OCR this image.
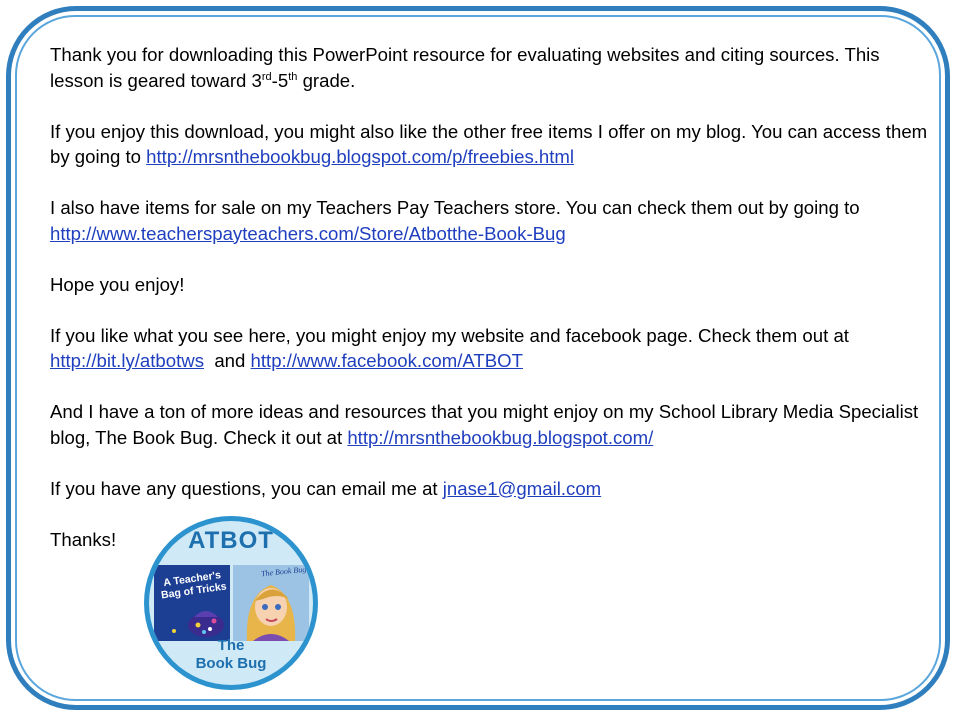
Thank you for downloading this PowerPoint resource for evaluating websites and citing sources. This lesson is geared toward 3rd-5th grade.

If you enjoy this download, you might also like the other free items I offer on my blog. You can access them by going to http://mrsnthebookbug.blogspot.com/p/freebies.html

I also have items for sale on my Teachers Pay Teachers store. You can check them out by going to http://www.teacherspayteachers.com/Store/Atbotthe-Book-Bug

Hope you enjoy!

If you like what you see here, you might enjoy my website and facebook page. Check them out at http://bit.ly/atbotws  and http://www.facebook.com/ATBOT

And I have a ton of more ideas and resources that you might enjoy on my School Library Media Specialist blog, The Book Bug. Check it out at http://mrsnthebookbug.blogspot.com/

If you have any questions, you can email me at jnase1@gmail.com

Thanks!	ATBOT
A Teacher's Bag of Tricks
The Book Bug
The
Book Bug
